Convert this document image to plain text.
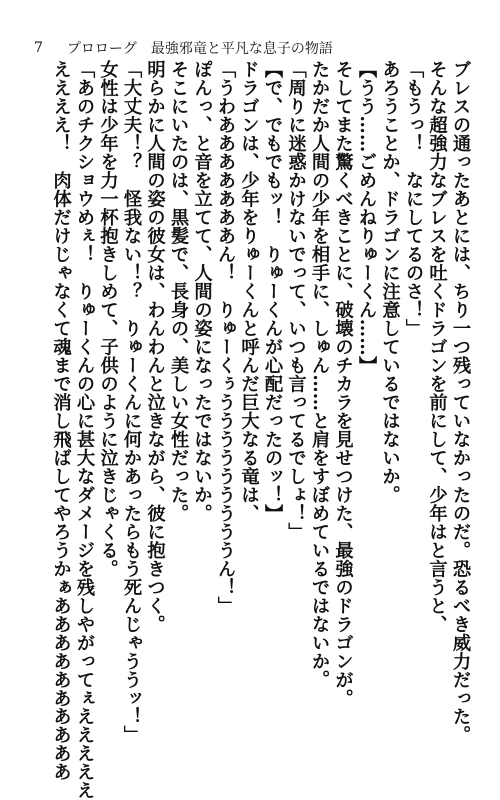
7 プロローグ 最強邪竜と平凡な息子の物語
ブレスの通ったあとには、ちり一つ残っていなかったのだ。恐るべき威力だった。
そんな超強力なブレスを吐くドラゴンを前にして、少年はと言うと、
「もうっ！　なにしてるのさ！」
あろうことか、ドラゴンに注意しているではないか。
【うう……ごめんねりゅーくん……】
そしてまた驚くべきことに、破壊のチカラを見せつけた、最強のドラゴンが。
たかだか人間の少年を相手に、しゅん……と肩をすぼめているではないか。
「周りに迷惑かけないでって、いつも言ってるでしょ！」
【で、でもでもッ！　りゅーくんが心配だったのッ！】
ドラゴンは、少年をりゅーくんと呼んだ巨大なる竜は、
「うわあああああああん！　りゅーくぅうううううううううん！」
ぽんっ、と音を立てて、人間の姿になったではないか。
そこにいたのは、黒髪で、長身の、美しい女性だった。
明らかに人間の姿の彼女は、わんわんと泣きながら、彼に抱きつく。
「大丈夫！？　怪我ない！？　りゅーくんに何かあったらもう死んじゃううッ！」
女性は少年を力一杯抱きしめて、子供のように泣きじゃくる。
「あのチクショウめぇ！　りゅーくんの心に甚大なダメージを残しやがってぇえええええ
ええええ！　肉体だけじゃなくて魂まで消し飛ばしてやろうかぁああああああああああ
